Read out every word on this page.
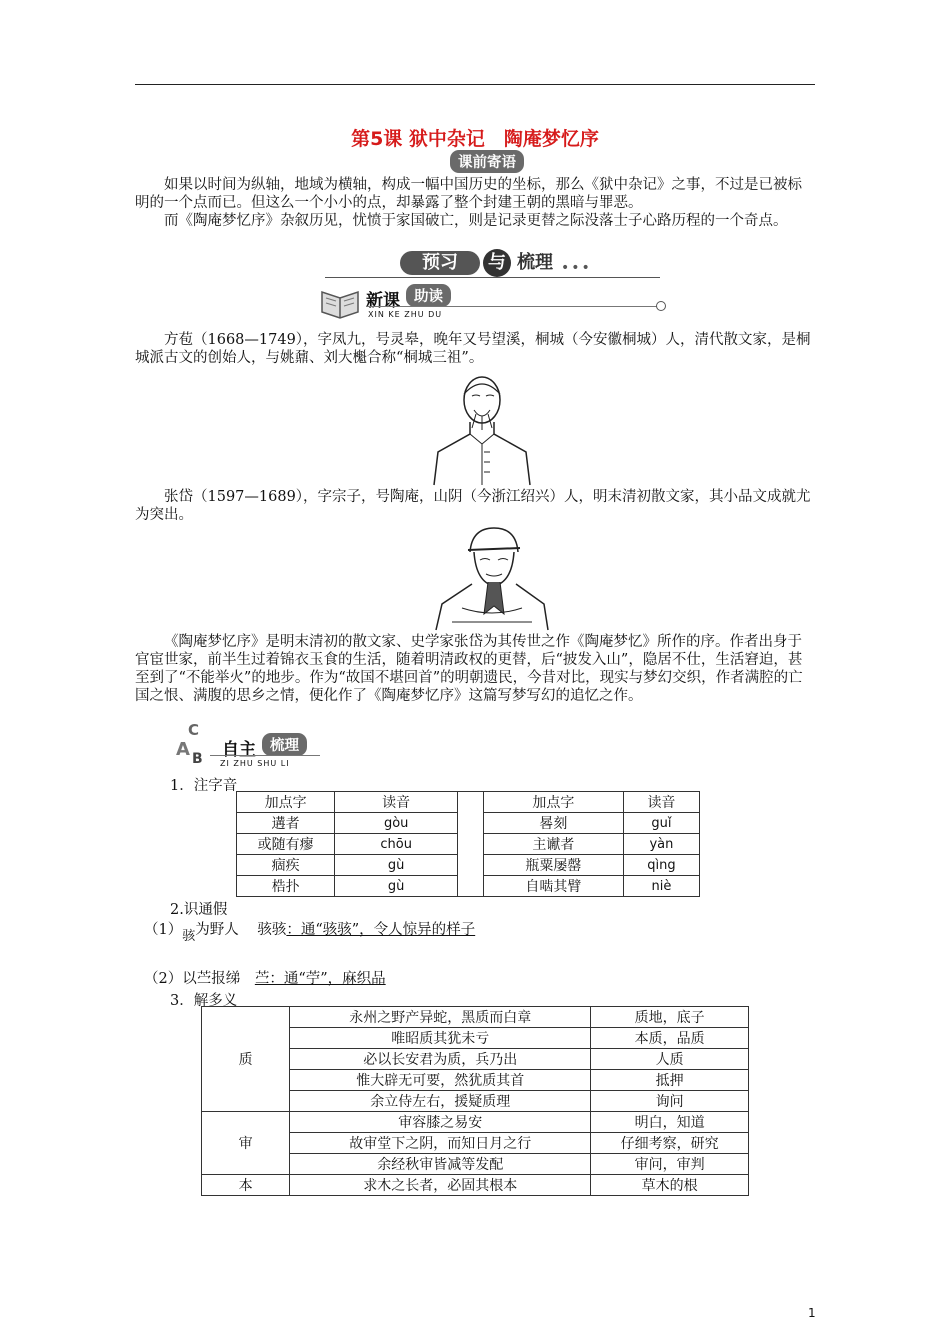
第5课 狱中杂记　陶庵梦忆序
课前寄语
如果以时间为纵轴，地域为横轴，构成一幅中国历史的坐标，那么《狱中杂记》之事，不过是已被标明的一个点而已。但这么一个小小的点，却暴露了整个封建王朝的黑暗与罪恶。
而《陶庵梦忆序》杂叙历见，忧愤于家国破亡，则是记录更替之际没落士子心路历程的一个奇点。
预习	与 梳理 •••
新课 助读
XIN KE ZHU DU
方苞（1668—1749），字凤九，号灵皋，晚年又号望溪，桐城（今安徽桐城）人，清代散文家，是桐城派古文的创始人，与姚鼐、刘大櫆合称“桐城三祖”。
张岱（1597—1689），字宗子，号陶庵，山阴（今浙江绍兴）人，明末清初散文家，其小品文成就尤为突出。
《陶庵梦忆序》是明末清初的散文家、史学家张岱为其传世之作《陶庵梦忆》所作的序。作者出身于官宦世家，前半生过着锦衣玉食的生活，随着明清政权的更替，后“披发入山”，隐居不仕，生活窘迫，甚至到了“不能举火”的地步。作为“故国不堪回首”的明朝遗民，今昔对比，现实与梦幻交织，作者满腔的亡国之恨、满腹的思乡之情，便化作了《陶庵梦忆序》这篇写梦写幻的追忆之作。
C
A B 自主 梳理
ZI ZHU SHU LI
1．注字音
加点字	读音		加点字	读音
遘者	gòu		晷刻	guǐ
或随有瘳	chōu		主谳者	yàn
痼疾	gù		瓶粟屡罄	qìng
梏扑	gù		自啮其臂	niè
2.识通假
（1）骇为野人 骇骇：通“骇骇”，令人惊异的样子
（2）以苎报绨 苎：通“苧”，麻织品
3．解多义
质	永州之野产异蛇，黑质而白章	质地，底子
	唯昭质其犹未亏	本质，品质
	必以长安君为质，兵乃出	人质
	惟大辟无可要，然犹质其首	抵押
	余立侍左右，援疑质理	询问
审	审容膝之易安	明白，知道
	故审堂下之阴，而知日月之行	仔细考察，研究
	余经秋审皆减等发配	审问，审判
本	求木之长者，必固其根本	草木的根
1
